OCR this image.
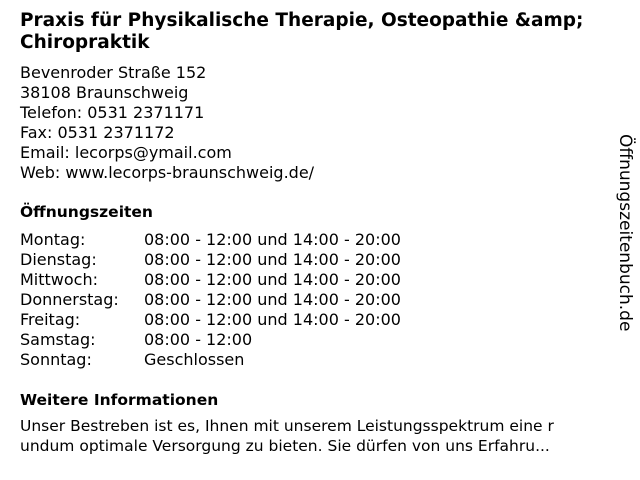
Praxis für Physikalische Therapie, Osteopathie &amp; Chiropraktik
Bevenroder Straße 152
38108 Braunschweig
Telefon: 0531 2371171
Fax: 0531 2371172
Email: lecorps@ymail.com
Web: www.lecorps-braunschweig.de/
Öffnungszeiten
Montag:	08:00 - 12:00 und 14:00 - 20:00
Dienstag:	08:00 - 12:00 und 14:00 - 20:00
Mittwoch:	08:00 - 12:00 und 14:00 - 20:00
Donnerstag:	08:00 - 12:00 und 14:00 - 20:00
Freitag:	08:00 - 12:00 und 14:00 - 20:00
Samstag:	08:00 - 12:00
Sonntag:	Geschlossen
Weitere Informationen
Unser Bestreben ist es, Ihnen mit unserem Leistungsspektrum eine r
undum optimale Versorgung zu bieten. Sie dürfen von uns Erfahru...
Öffnungszeitenbuch.de
